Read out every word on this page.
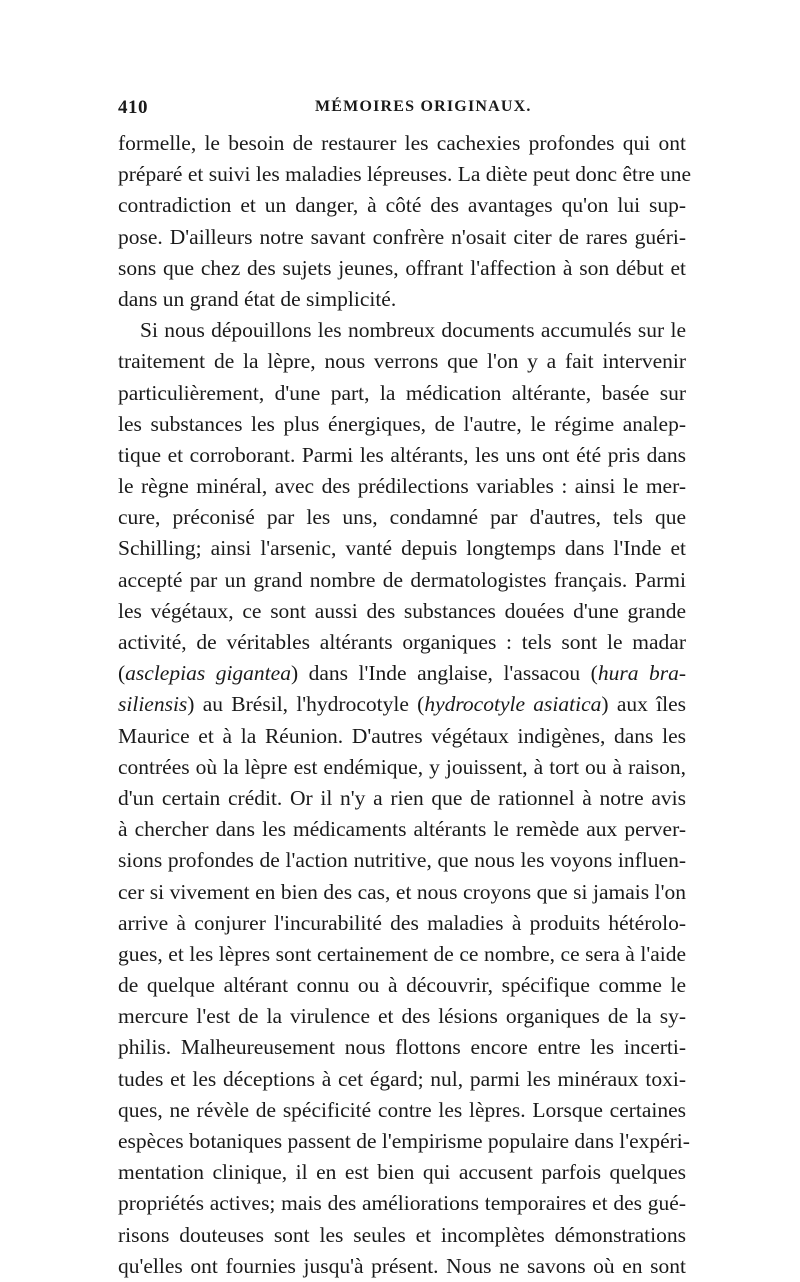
410	MÉMOIRES ORIGINAUX.
formelle, le besoin de restaurer les cachexies profondes qui ont
préparé et suivi les maladies lépreuses. La diète peut donc être une
contradiction et un danger, à côté des avantages qu'on lui sup-
pose. D'ailleurs notre savant confrère n'osait citer de rares guéri-
sons que chez des sujets jeunes, offrant l'affection à son début et
dans un grand état de simplicité.
Si nous dépouillons les nombreux documents accumulés sur le
traitement de la lèpre, nous verrons que l'on y a fait intervenir
particulièrement, d'une part, la médication altérante, basée sur
les substances les plus énergiques, de l'autre, le régime analep-
tique et corroborant. Parmi les altérants, les uns ont été pris dans
le règne minéral, avec des prédilections variables : ainsi le mer-
cure, préconisé par les uns, condamné par d'autres, tels que
Schilling; ainsi l'arsenic, vanté depuis longtemps dans l'Inde et
accepté par un grand nombre de dermatologistes français. Parmi
les végétaux, ce sont aussi des substances douées d'une grande
activité, de véritables altérants organiques : tels sont le madar
(asclepias gigantea) dans l'Inde anglaise, l'assacou (hura bra-
siliensis) au Brésil, l'hydrocotyle (hydrocotyle asiatica) aux îles
Maurice et à la Réunion. D'autres végétaux indigènes, dans les
contrées où la lèpre est endémique, y jouissent, à tort ou à raison,
d'un certain crédit. Or il n'y a rien que de rationnel à notre avis
à chercher dans les médicaments altérants le remède aux perver-
sions profondes de l'action nutritive, que nous les voyons influen-
cer si vivement en bien des cas, et nous croyons que si jamais l'on
arrive à conjurer l'incurabilité des maladies à produits hétérolo-
gues, et les lèpres sont certainement de ce nombre, ce sera à l'aide
de quelque altérant connu ou à découvrir, spécifique comme le
mercure l'est de la virulence et des lésions organiques de la sy-
philis. Malheureusement nous flottons encore entre les incerti-
tudes et les déceptions à cet égard; nul, parmi les minéraux toxi-
ques, ne révèle de spécificité contre les lèpres. Lorsque certaines
espèces botaniques passent de l'empirisme populaire dans l'expéri-
mentation clinique, il en est bien qui accusent parfois quelques
propriétés actives; mais des améliorations temporaires et des gué-
risons douteuses sont les seules et incomplètes démonstrations
qu'elles ont fournies jusqu'à présent. Nous ne savons où en sont
